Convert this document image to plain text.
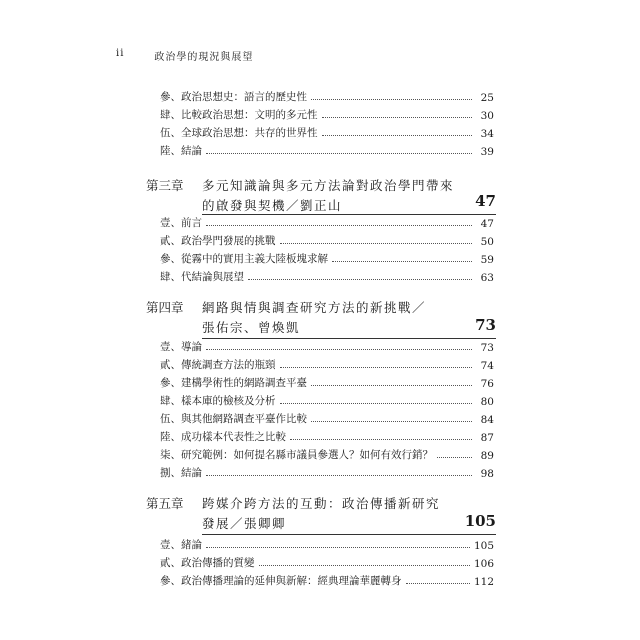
ii	政治學的現況與展望
參、政治思想史：語言的歷史性	25
肆、比較政治思想：文明的多元性	30
伍、全球政治思想：共存的世界性	34
陸、結論	39
第三章 多元知識論與多元方法論對政治學門帶來
的啟發與契機／劉正山	47
壹、前言	47
貳、政治學門發展的挑戰	50
參、從霧中的實用主義大陸板塊求解	59
肆、代結論與展望	63
第四章 網路與情與調查研究方法的新挑戰／
張佑宗、曾煥凱	73
壹、導論	73
貳、傳統調查方法的瓶頸	74
參、建構學術性的網路調查平臺	76
肆、樣本庫的檢核及分析	80
伍、與其他網路調查平臺作比較	84
陸、成功樣本代表性之比較	87
柒、研究範例：如何提名縣市議員參選人？如何有效行銷？	89
捌、結論	98
第五章 跨媒介跨方法的互動：政治傳播新研究
發展／張卿卿	105
壹、緒論	105
貳、政治傳播的質變	106
參、政治傳播理論的延伸與新解：經典理論華麗轉身	112
